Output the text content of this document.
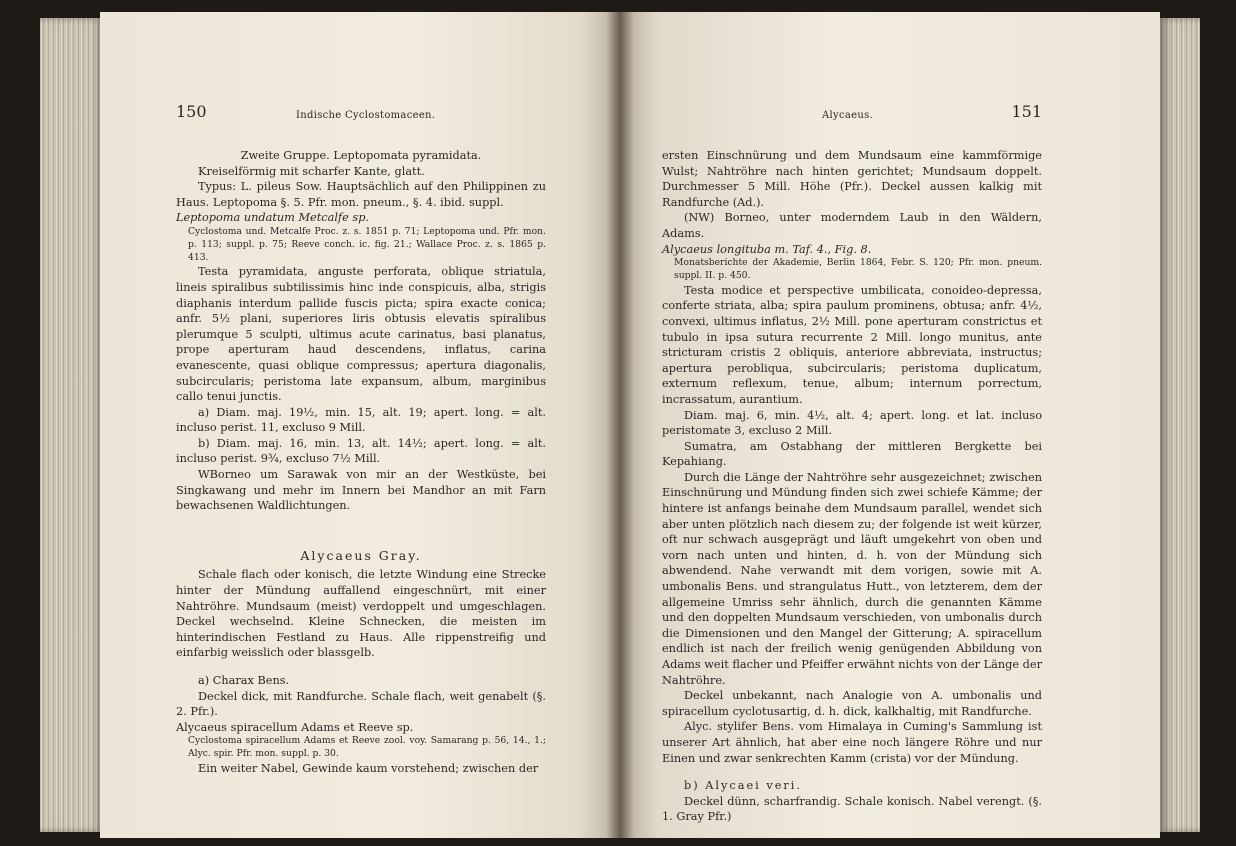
150	Indische Cyclostomaceen.

Zweite Gruppe. Leptopomata pyramidata.

Kreiselförmig mit scharfer Kante, glatt.

Typus: L. pileus Sow. Hauptsächlich auf den Philippinen zu Haus. Leptopoma §. 5. Pfr. mon. pneum., §. 4. ibid. suppl.

Leptopoma undatum Metcalfe sp.

Cyclostoma und. Metcalfe Proc. z. s. 1851 p. 71; Leptopoma und. Pfr. mon. p. 113; suppl. p. 75; Reeve conch. ic. fig. 21.; Wallace Proc. z. s. 1865 p. 413.

Testa pyramidata, anguste perforata, oblique striatula, lineis spiralibus subtilissimis hinc inde conspicuis, alba, strigis diaphanis interdum pallide fuscis picta; spira exacte conica; anfr. 5½ plani, superiores liris obtusis elevatis spiralibus plerumque 5 sculpti, ultimus acute carinatus, basi planatus, prope aperturam haud descendens, inflatus, carina evanescente, quasi oblique compressus; apertura diagonalis, subcircularis; peristoma late expansum, album, marginibus callo tenui junctis.

a) Diam. maj. 19½, min. 15, alt. 19; apert. long. = alt. incluso perist. 11, excluso 9 Mill.

b) Diam. maj. 16, min. 13, alt. 14½; apert. long. = alt. incluso perist. 9¾, excluso 7½ Mill.

WBorneo um Sarawak von mir an der Westküste, bei Singkawang und mehr im Innern bei Mandhor an mit Farn bewachsenen Waldlichtungen.

Alycaeus Gray.

Schale flach oder konisch, die letzte Windung eine Strecke hinter der Mündung auffallend eingeschnürt, mit einer Nahtröhre. Mundsaum (meist) verdoppelt und umgeschlagen. Deckel wechselnd. Kleine Schnecken, die meisten im hinterindischen Festland zu Haus. Alle rippenstreifig und einfarbig weisslich oder blassgelb.

a) Charax Bens.

Deckel dick, mit Randfurche. Schale flach, weit genabelt (§. 2. Pfr.).

Alycaeus spiracellum Adams et Reeve sp.

Cyclostoma spiracellum Adams et Reeve zool. voy. Samarang p. 56, 14., 1.; Alyc. spir. Pfr. mon. suppl. p. 30.

Ein weiter Nabel, Gewinde kaum vorstehend; zwischen der

Alycaeus.	151

ersten Einschnürung und dem Mundsaum eine kammförmige Wulst; Nahtröhre nach hinten gerichtet; Mundsaum doppelt. Durchmesser 5 Mill. Höhe (Pfr.). Deckel aussen kalkig mit Randfurche (Ad.).

(NW) Borneo, unter moderndem Laub in den Wäldern, Adams.

Alycaeus longituba m. Taf. 4., Fig. 8.

Monatsberichte der Akademie, Berlin 1864, Febr. S. 120; Pfr. mon. pneum. suppl. II. p. 450.

Testa modice et perspective umbilicata, conoideo-depressa, conferte striata, alba; spira paulum prominens, obtusa; anfr. 4½, convexi, ultimus inflatus, 2½ Mill. pone aperturam constrictus et tubulo in ipsa sutura recurrente 2 Mill. longo munitus, ante stricturam cristis 2 obliquis, anteriore abbreviata, instructus; apertura perobliqua, subcircularis; peristoma duplicatum, externum reflexum, tenue, album; internum porrectum, incrassatum, aurantium.

Diam. maj. 6, min. 4½, alt. 4; apert. long. et lat. incluso peristomate 3, excluso 2 Mill.

Sumatra, am Ostabhang der mittleren Bergkette bei Kepahiang.

Durch die Länge der Nahtröhre sehr ausgezeichnet; zwischen Einschnürung und Mündung finden sich zwei schiefe Kämme; der hintere ist anfangs beinahe dem Mundsaum parallel, wendet sich aber unten plötzlich nach diesem zu; der folgende ist weit kürzer, oft nur schwach ausgeprägt und läuft umgekehrt von oben und vorn nach unten und hinten, d. h. von der Mündung sich abwendend. Nahe verwandt mit dem vorigen, sowie mit A. umbonalis Bens. und strangulatus Hutt., von letzterem, dem der allgemeine Umriss sehr ähnlich, durch die genannten Kämme und den doppelten Mundsaum verschieden, von umbonalis durch die Dimensionen und den Mangel der Gitterung; A. spiracellum endlich ist nach der freilich wenig genügenden Abbildung von Adams weit flacher und Pfeiffer erwähnt nichts von der Länge der Nahtröhre.

Deckel unbekannt, nach Analogie von A. umbonalis und spiracellum cyclotusartig, d. h. dick, kalkhaltig, mit Randfurche.

Alyc. stylifer Bens. vom Himalaya in Cuming's Sammlung ist unserer Art ähnlich, hat aber eine noch längere Röhre und nur Einen und zwar senkrechten Kamm (crista) vor der Mündung.

b) Alycaei veri.

Deckel dünn, scharfrandig. Schale konisch. Nabel verengt. (§. 1. Gray Pfr.)
